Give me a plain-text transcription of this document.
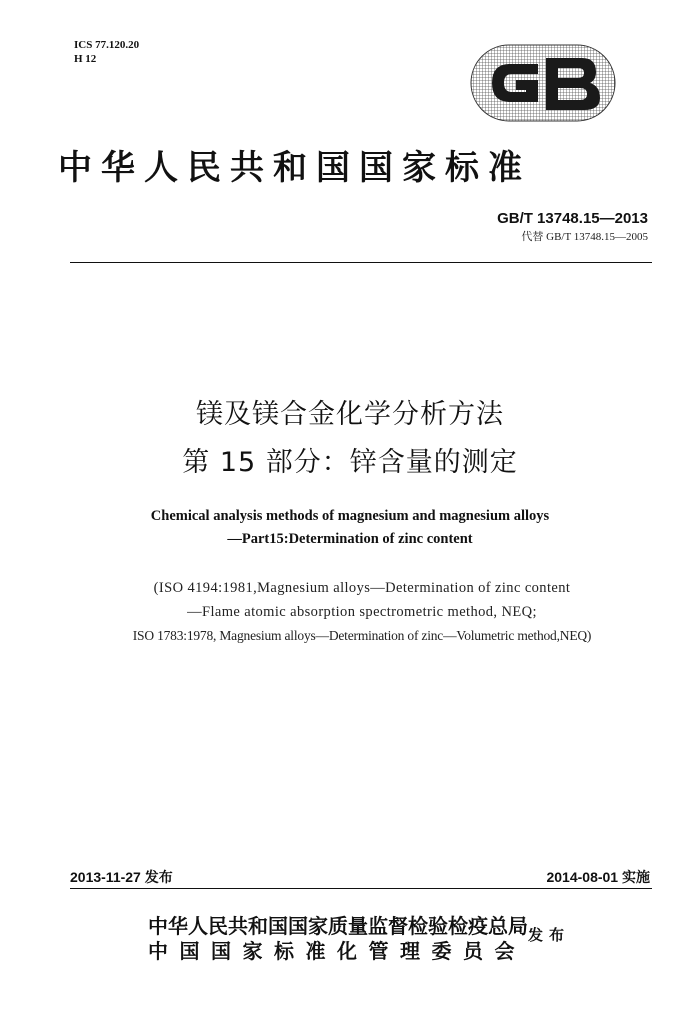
ICS 77.120.20
H 12
中华人民共和国国家标准
GB/T 13748.15—2013
代替 GB/T 13748.15—2005
镁及镁合金化学分析方法
第 15 部分：锌含量的测定
Chemical analysis methods of magnesium and magnesium alloys
—Part15:Determination of zinc content
(ISO 4194:1981,Magnesium alloys—Determination of zinc content
—Flame atomic absorption spectrometric method, NEQ;
ISO 1783:1978, Magnesium alloys—Determination of zinc—Volumetric method,NEQ)
2013-11-27 发布	2014-08-01 实施
中华人民共和国国家质量监督检验检疫总局
中国国家标准化管理委员会
发布
